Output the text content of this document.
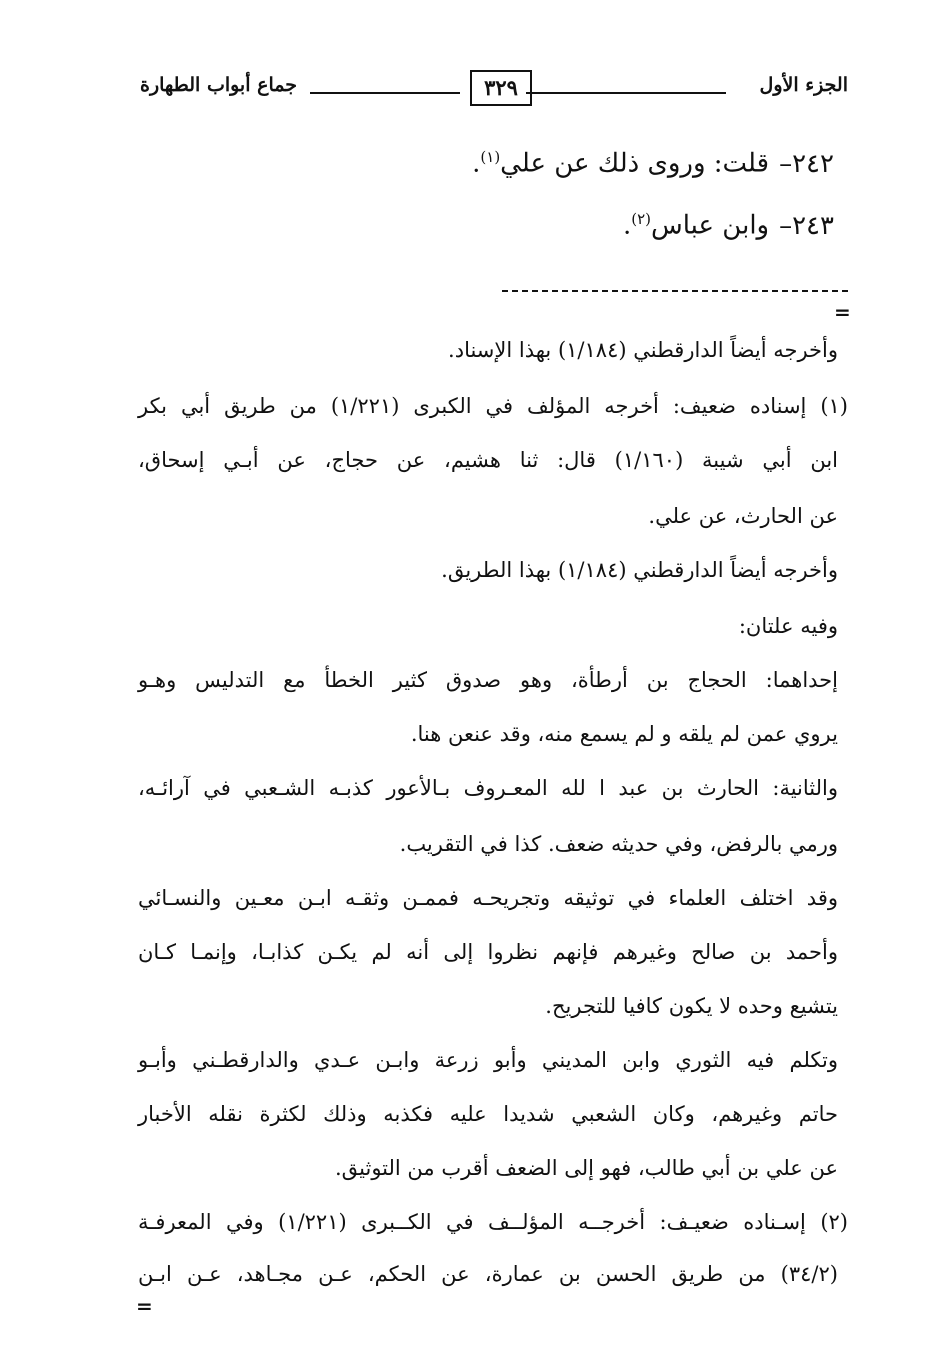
الجزء الأول
٣٢٩
جماع أبواب الطهارة
٢٤٢–قلت: وروى ذلك عن علي$^{(١)}$.
٢٤٣–وابن عباس$^{(٢)}$.
=
وأخرجه أيضاً الدارقطني (١/١٨٤) بهذا الإسناد.
(١) إسناده ضعيف: أخرجه المؤلف في الكبرى (١/٢٢١) من طريق أبي بكر
ابن أبي شيبة (١/١٦٠) قال: ثنا هشيم، عن حجاج، عن أبـي إسحاق،
عن الحارث، عن علي.
وأخرجه أيضاً الدارقطني (١/١٨٤) بهذا الطريق.
وفيه علتان:
إحداهما: الحجاج بن أرطأة، وهو صدوق كثير الخطأ مع التدليس وهـو
يروي عمن لم يلقه و لم يسمع منه، وقد عنعن هنا.
والثانية: الحارث بن عبد ا لله المعـروف بـالأعور كذبـه الشـعبي في آرائـه،
ورمي بالرفض، وفي حديثه ضعف. كذا في التقريب.
وقد اختلف العلماء في توثيقه وتجريحـه فممـن وثقـه ابـن معـين والنسـائي
وأحمد بن صالح وغيرهم فإنهم نظروا إلى أنه لم يكـن كذابـا، وإنمـا كـان
يتشيع وحده لا يكون كافيا للتجريح.
وتكلم فيه الثوري وابن المديني وأبو زرعة وابـن عـدي والدارقطـني وأبـو
حاتم وغيرهم، وكان الشعبي شديدا عليه فكذبه وذلك لكثرة نقله الأخبار
عن علي بن أبي طالب، فهو إلى الضعف أقرب من التوثيق.
(٢) إسـناده ضعيـف: أخرجــه المؤلــف في الكــبرى (١/٢٢١) وفي المعرفـة
(٣٤/٢) من طريق الحسن بن عمارة، عن الحكم، عـن مجـاهد، عـن ابـن
=
